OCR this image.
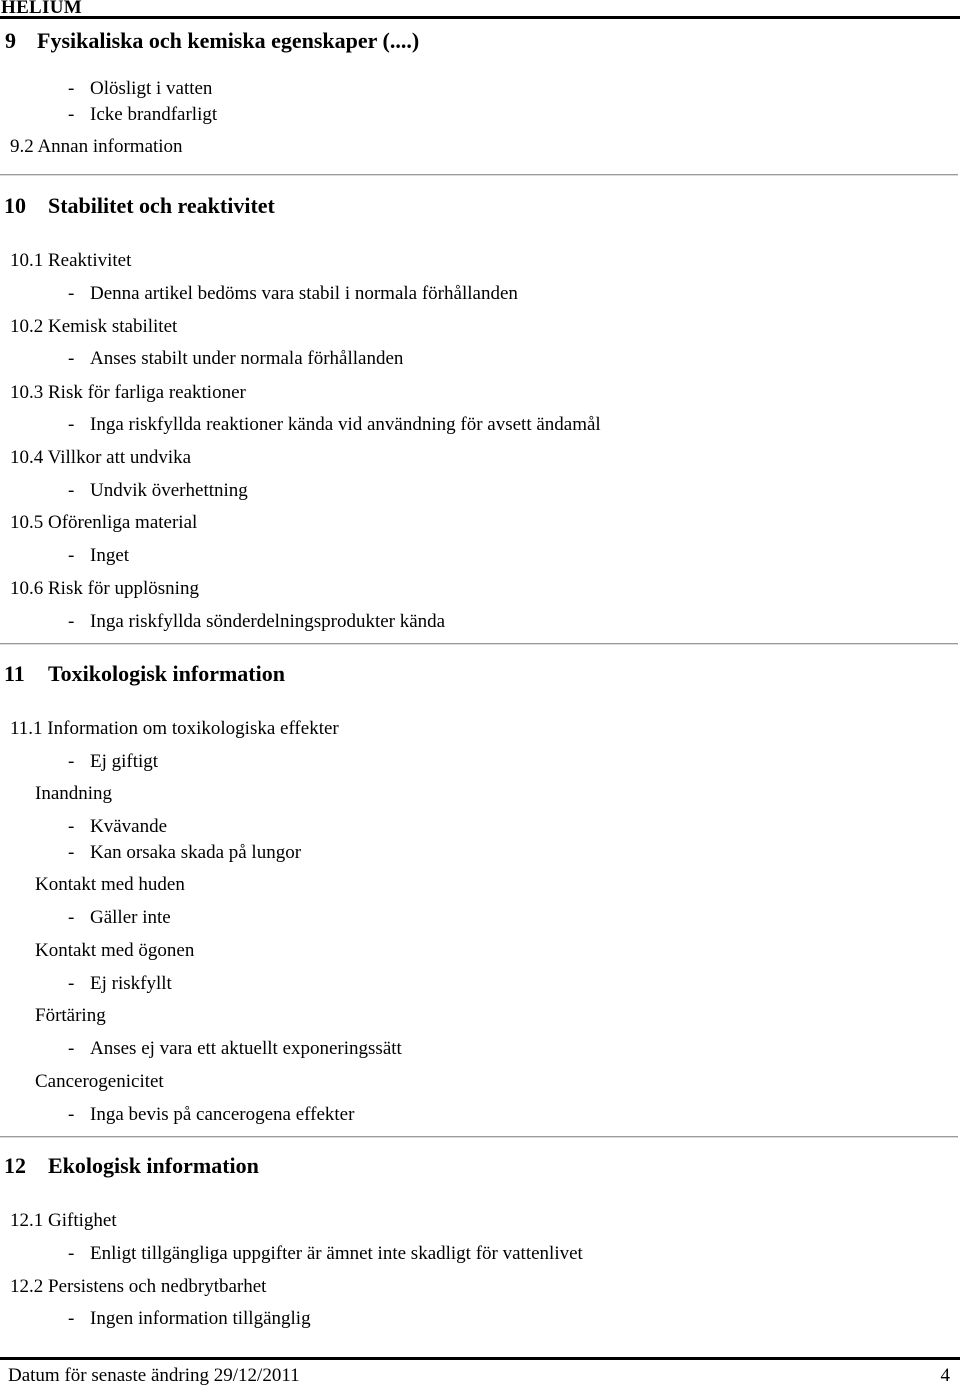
HELIUM
9 Fysikaliska och kemiska egenskaper (....)
- Olösligt i vatten
- Icke brandfarligt
9.2 Annan information
10 Stabilitet och reaktivitet
10.1 Reaktivitet
- Denna artikel bedöms vara stabil i normala förhållanden
10.2 Kemisk stabilitet
- Anses stabilt under normala förhållanden
10.3 Risk för farliga reaktioner
- Inga riskfyllda reaktioner kända vid användning för avsett ändamål
10.4 Villkor att undvika
- Undvik överhettning
10.5 Oförenliga material
- Inget
10.6 Risk för upplösning
- Inga riskfyllda sönderdelningsprodukter kända
11 Toxikologisk information
11.1 Information om toxikologiska effekter
- Ej giftigt
Inandning
- Kvävande
- Kan orsaka skada på lungor
Kontakt med huden
- Gäller inte
Kontakt med ögonen
- Ej riskfyllt
Förtäring
- Anses ej vara ett aktuellt exponeringssätt
Cancerogenicitet
- Inga bevis på cancerogena effekter
12 Ekologisk information
12.1 Giftighet
- Enligt tillgängliga uppgifter är ämnet inte skadligt för vattenlivet
12.2 Persistens och nedbrytbarhet
- Ingen information tillgänglig
Datum för senaste ändring 29/12/2011	4
